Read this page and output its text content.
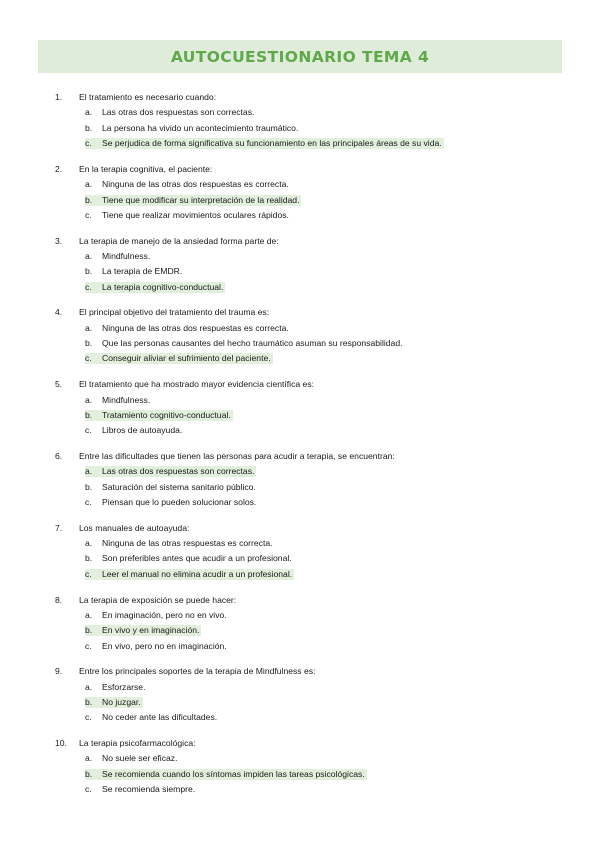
AUTOCUESTIONARIO TEMA 4
1.	El tratamiento es necesario cuando:
a.	Las otras dos respuestas son correctas.
b.	La persona ha vivido un acontecimiento traumático.
c.	Se perjudica de forma significativa su funcionamiento en las principales áreas de su vida.
2.	En la terapia cognitiva, el paciente:
a.	Ninguna de las otras dos respuestas es correcta.
b.	Tiene que modificar su interpretación de la realidad.
c.	Tiene que realizar movimientos oculares rápidos.
3.	La terapia de manejo de la ansiedad forma parte de:
a.	Mindfulness.
b.	La terapia de EMDR.
c.	La terapia cognitivo-conductual.
4.	El principal objetivo del tratamiento del trauma es:
a.	Ninguna de las otras dos respuestas es correcta.
b.	Que las personas causantes del hecho traumático asuman su responsabilidad.
c.	Conseguir aliviar el sufrimiento del paciente.
5.	El tratamiento que ha mostrado mayor evidencia científica es:
a.	Mindfulness.
b.	Tratamiento cognitivo-conductual.
c.	Libros de autoayuda.
6.	Entre las dificultades que tienen las personas para acudir a terapia, se encuentran:
a.	Las otras dos respuestas son correctas.
b.	Saturación del sistema sanitario público.
c.	Piensan que lo pueden solucionar solos.
7.	Los manuales de autoayuda:
a.	Ninguna de las otras respuestas es correcta.
b.	Son preferibles antes que acudir a un profesional.
c.	Leer el manual no elimina acudir a un profesional.
8.	La terapia de exposición se puede hacer:
a.	En imaginación, pero no en vivo.
b.	En vivo y en imaginación.
c.	En vivo, pero no en imaginación.
9.	Entre los principales soportes de la terapia de Mindfulness es:
a.	Esforzarse.
b.	No juzgar.
c.	No ceder ante las dificultades.
10.	La terapia psicofarmacológica:
a.	No suele ser eficaz.
b.	Se recomienda cuando los síntomas impiden las tareas psicológicas.
c.	Se recomienda siempre.
